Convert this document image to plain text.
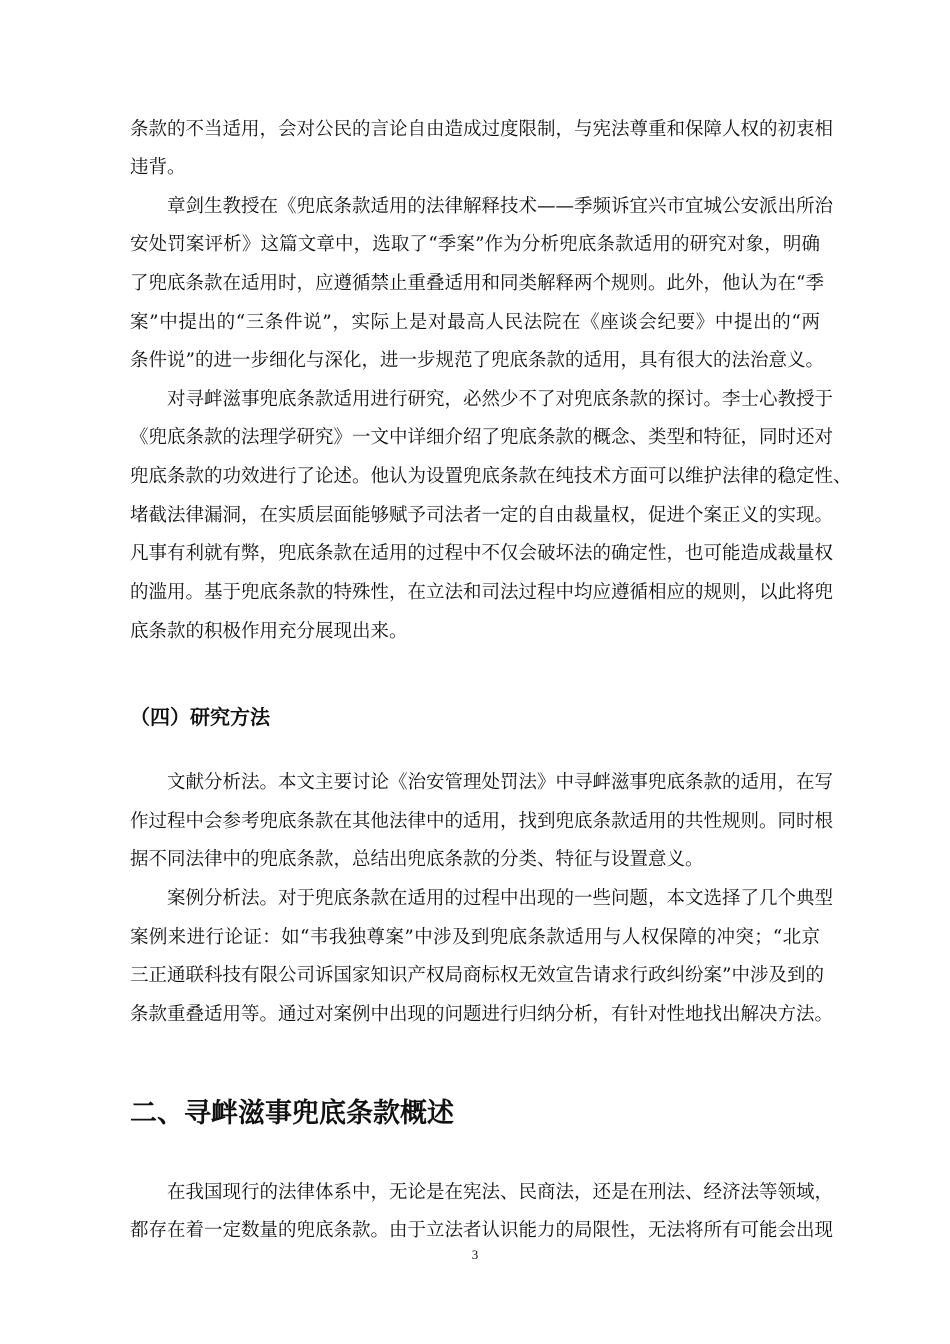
条款的不当适用，会对公民的言论自由造成过度限制，与宪法尊重和保障人权的初衷相
违背。
章剑生教授在《兜底条款适用的法律解释技术——季频诉宜兴市宜城公安派出所治
安处罚案评析》这篇文章中，选取了“季案”作为分析兜底条款适用的研究对象，明确
了兜底条款在适用时，应遵循禁止重叠适用和同类解释两个规则。此外，他认为在“季
案”中提出的“三条件说”，实际上是对最高人民法院在《座谈会纪要》中提出的“两
条件说”的进一步细化与深化，进一步规范了兜底条款的适用，具有很大的法治意义。
对寻衅滋事兜底条款适用进行研究，必然少不了对兜底条款的探讨。李士心教授于
《兜底条款的法理学研究》一文中详细介绍了兜底条款的概念、类型和特征，同时还对
兜底条款的功效进行了论述。他认为设置兜底条款在纯技术方面可以维护法律的稳定性、
堵截法律漏洞，在实质层面能够赋予司法者一定的自由裁量权，促进个案正义的实现。
凡事有利就有弊，兜底条款在适用的过程中不仅会破坏法的确定性，也可能造成裁量权
的滥用。基于兜底条款的特殊性，在立法和司法过程中均应遵循相应的规则，以此将兜
底条款的积极作用充分展现出来。
（四）研究方法
文献分析法。本文主要讨论《治安管理处罚法》中寻衅滋事兜底条款的适用，在写
作过程中会参考兜底条款在其他法律中的适用，找到兜底条款适用的共性规则。同时根
据不同法律中的兜底条款，总结出兜底条款的分类、特征与设置意义。
案例分析法。对于兜底条款在适用的过程中出现的一些问题，本文选择了几个典型
案例来进行论证：如“韦我独尊案”中涉及到兜底条款适用与人权保障的冲突；“北京
三正通联科技有限公司诉国家知识产权局商标权无效宣告请求行政纠纷案”中涉及到的
条款重叠适用等。通过对案例中出现的问题进行归纳分析，有针对性地找出解决方法。
二、寻衅滋事兜底条款概述
在我国现行的法律体系中，无论是在宪法、民商法，还是在刑法、经济法等领域，
都存在着一定数量的兜底条款。由于立法者认识能力的局限性，无法将所有可能会出现
3
